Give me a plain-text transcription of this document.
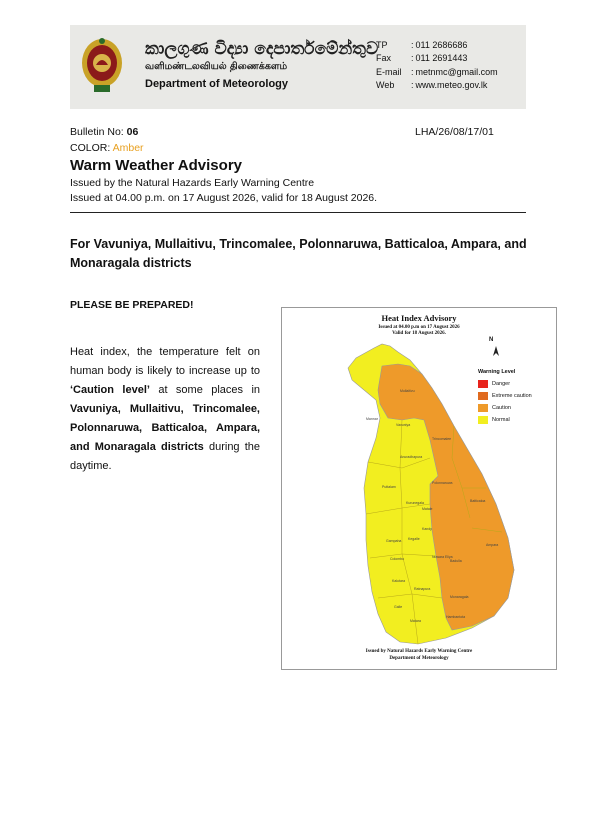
කාලගුණ විද්‍යා දෙපාර්තමේන්තුව
வளிமண்டலவியல் திணைக்களம்
Department of Meteorology
TP	: 011 2686686
Fax	: 011 2691443
E-mail	: metnmc@gmail.com
Web	: www.meteo.gov.lk
Bulletin No: 06	LHA/26/08/17/01
COLOR: Amber
Warm Weather Advisory
Issued by the Natural Hazards Early Warning Centre
Issued at 04.00 p.m. on 17 August 2026, valid for 18 August 2026.
For Vavuniya, Mullaitivu, Trincomalee, Polonnaruwa, Batticaloa, Ampara, and Monaragala districts
PLEASE BE PREPARED!
Heat index, the temperature felt on human body is likely to increase up to ‘Caution level’ at some places in Vavuniya, Mullaitivu, Trincomalee, Polonnaruwa, Batticaloa, Ampara, and Monaragala districts during the daytime.
Heat Index Advisory
Issued at 04.00 p.m on 17 August 2026
Valid for 18 August 2026.
Mullaitivu
Mannar
Vavuniya
Trincomalee
Anuradhapura
Puttalam
Polonnaruwa
Kurunegala
Matale
Batticaloa
Gampaha Kegalle
Kandy
Ampara
Colombo	Nuwara Eliya
Badulla
Kalutara
Ratnapura
Monaragala
Galle
Matara
Hambantota
N
Warning Level
Danger
Extreme caution
Caution
Normal
Issued by Natural Hazards Early Warning Centre
Department of Meteorology
